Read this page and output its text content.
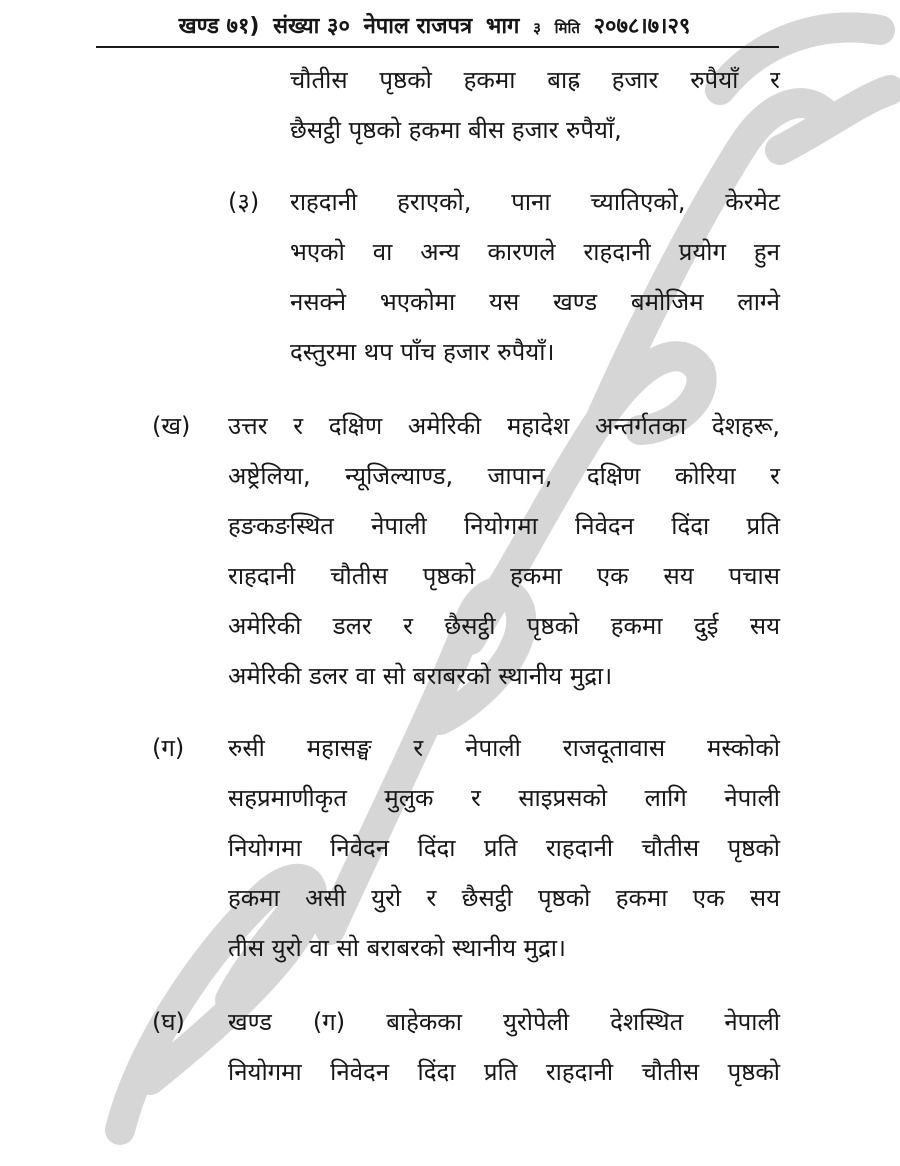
खण्ड ७१) संख्या ३० नेपाल राजपत्र भाग ३ मिति २०७८।७।२९
चौतीस पृष्ठको हकमा बाह्र हजार रुपैयाँ र
छैसट्ठी पृष्ठको हकमा बीस हजार रुपैयाँ,
(३) राहदानी हराएको, पाना च्यातिएको, केरमेट
भएको वा अन्य कारणले राहदानी प्रयोग हुन
नसक्ने भएकोमा यस खण्ड बमोजिम लाग्ने
दस्तुरमा थप पाँच हजार रुपैयाँ।
(ख) उत्तर र दक्षिण अमेरिकी महादेश अन्तर्गतका देशहरू,
अष्ट्रेलिया, न्यूजिल्याण्ड, जापान, दक्षिण कोरिया र
हङकङस्थित नेपाली नियोगमा निवेदन दिंदा प्रति
राहदानी चौतीस पृष्ठको हकमा एक सय पचास
अमेरिकी डलर र छैसट्ठी पृष्ठको हकमा दुई सय
अमेरिकी डलर वा सो बराबरको स्थानीय मुद्रा।
(ग) रुसी महासङ्घ र नेपाली राजदूतावास मस्कोको
सहप्रमाणीकृत मुलुक र साइप्रसको लागि नेपाली
नियोगमा निवेदन दिंदा प्रति राहदानी चौतीस पृष्ठको
हकमा असी युरो र छैसट्ठी पृष्ठको हकमा एक सय
तीस युरो वा सो बराबरको स्थानीय मुद्रा।
(घ) खण्ड (ग) बाहेकका युरोपेली देशस्थित नेपाली
नियोगमा निवेदन दिंदा प्रति राहदानी चौतीस पृष्ठको
